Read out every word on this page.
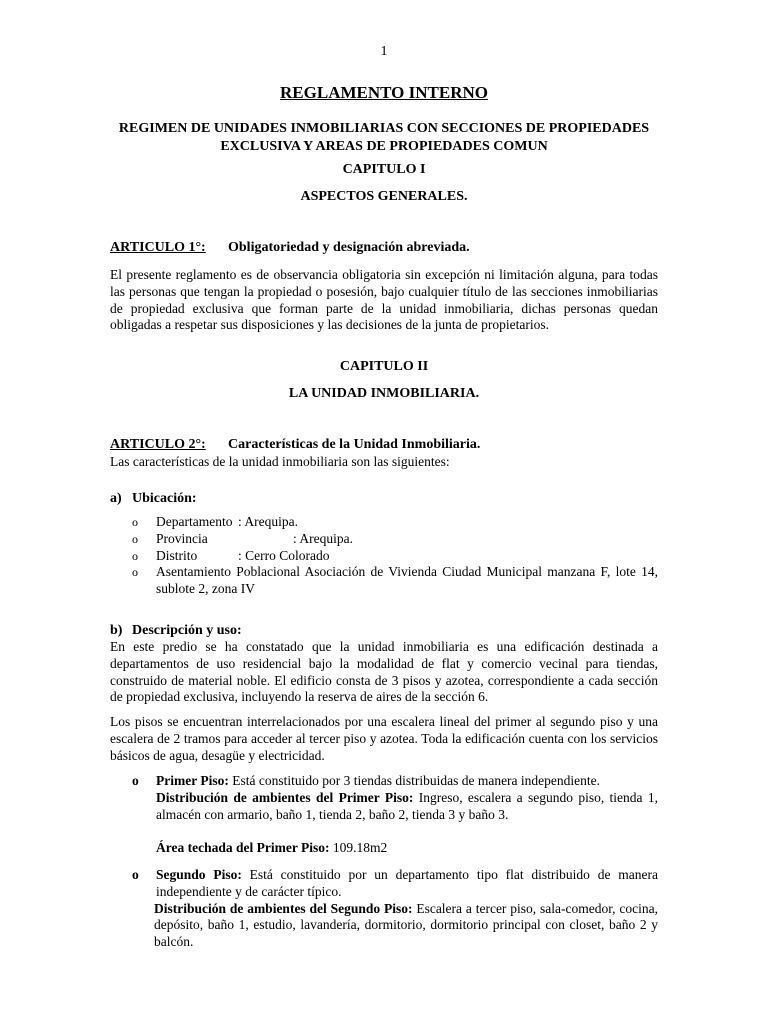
1
REGLAMENTO INTERNO
REGIMEN DE UNIDADES INMOBILIARIAS CON SECCIONES DE PROPIEDADES EXCLUSIVA Y AREAS DE PROPIEDADES COMUN
CAPITULO I
ASPECTOS GENERALES.
ARTICULO 1°: Obligatoriedad y designación abreviada.
El presente reglamento es de observancia obligatoria sin excepción ni limitación alguna, para todas las personas que tengan la propiedad o posesión, bajo cualquier título de las secciones inmobiliarias de propiedad exclusiva que forman parte de la unidad inmobiliaria, dichas personas quedan obligadas a respetar sus disposiciones y las decisiones de la junta de propietarios.
CAPITULO II
LA UNIDAD INMOBILIARIA.
ARTICULO 2°: Características de la Unidad Inmobiliaria.
Las características de la unidad inmobiliaria son las siguientes:
a) Ubicación:
o Departamento : Arequipa.
o Provincia	: Arequipa.
o Distrito	: Cerro Colorado
o Asentamiento Poblacional Asociación de Vivienda Ciudad Municipal manzana F, lote 14, sublote 2, zona IV
b) Descripción y uso:
En este predio se ha constatado que la unidad inmobiliaria es una edificación destinada a departamentos de uso residencial bajo la modalidad de flat y comercio vecinal para tiendas, construido de material noble. El edificio consta de 3 pisos y azotea, correspondiente a cada sección de propiedad exclusiva, incluyendo la reserva de aires de la sección 6.
Los pisos se encuentran interrelacionados por una escalera lineal del primer al segundo piso y una escalera de 2 tramos para acceder al tercer piso y azotea. Toda la edificación cuenta con los servicios básicos de agua, desagüe y electricidad.
o Primer Piso: Está constituido por 3 tiendas distribuidas de manera independiente.
Distribución de ambientes del Primer Piso: Ingreso, escalera a segundo piso, tienda 1, almacén con armario, baño 1, tienda 2, baño 2, tienda 3 y baño 3.
Área techada del Primer Piso: 109.18m2
o Segundo Piso: Está constituido por un departamento tipo flat distribuido de manera independiente y de carácter típico.
Distribución de ambientes del Segundo Piso: Escalera a tercer piso, sala-comedor, cocina, depósito, baño 1, estudio, lavandería, dormitorio, dormitorio principal con closet, baño 2 y balcón.
